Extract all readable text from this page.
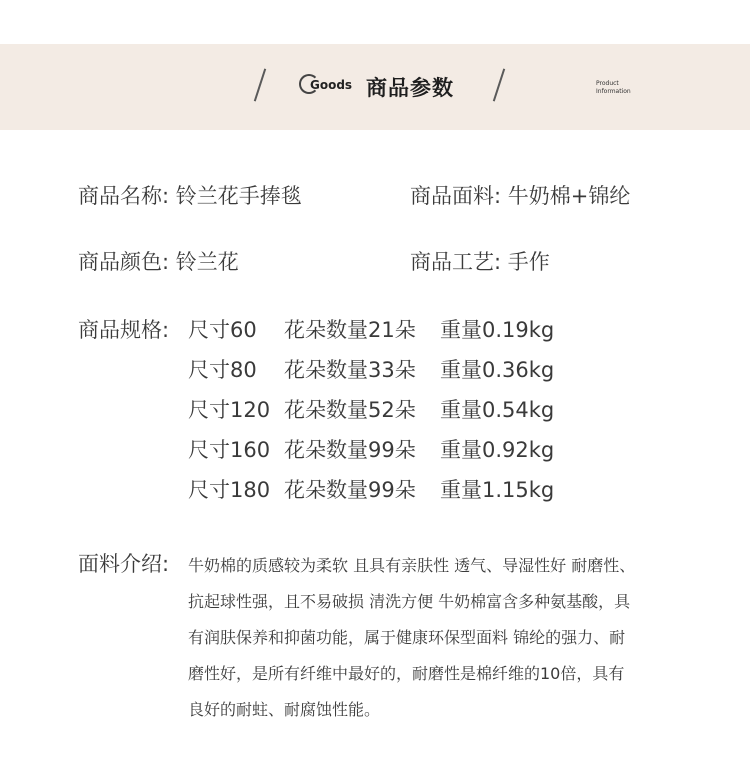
Goods 商品参数	Product
Information
商品名称: 铃兰花手捧毯	商品面料: 牛奶棉+锦纶
商品颜色: 铃兰花	商品工艺: 手作
商品规格: 尺寸60 花朵数量21朵 重量0.19kg
尺寸80 花朵数量33朵 重量0.36kg
尺寸120 花朵数量52朵 重量0.54kg
尺寸160 花朵数量99朵 重量0.92kg
尺寸180 花朵数量99朵 重量1.15kg
面料介绍: 牛奶棉的质感较为柔软 且具有亲肤性 透气、导湿性好 耐磨性、
抗起球性强，且不易破损 清洗方便 牛奶棉富含多种氨基酸，具
有润肤保养和抑菌功能，属于健康环保型面料 锦纶的强力、耐
磨性好，是所有纤维中最好的，耐磨性是棉纤维的10倍，具有
良好的耐蛀、耐腐蚀性能。
